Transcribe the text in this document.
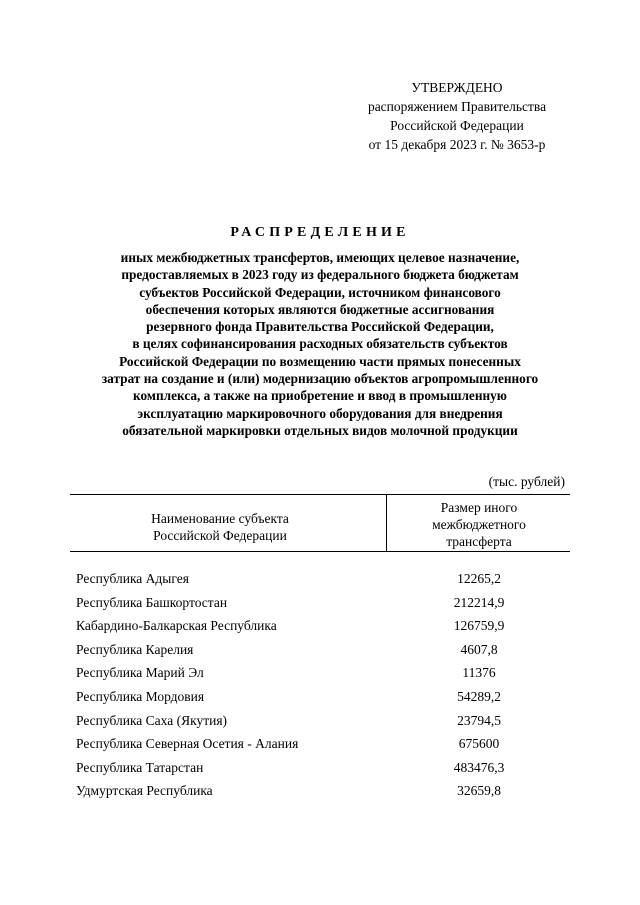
УТВЕРЖДЕНО
распоряжением Правительства
Российской Федерации
от 15 декабря 2023 г. № 3653-р
РАСПРЕДЕЛЕНИЕ
иных межбюджетных трансфертов, имеющих целевое назначение,
предоставляемых в 2023 году из федерального бюджета бюджетам
субъектов Российской Федерации, источником финансового
обеспечения которых являются бюджетные ассигнования
резервного фонда Правительства Российской Федерации,
в целях софинансирования расходных обязательств субъектов
Российской Федерации по возмещению части прямых понесенных
затрат на создание и (или) модернизацию объектов агропромышленного
комплекса, а также на приобретение и ввод в промышленную
эксплуатацию маркировочного оборудования для внедрения
обязательной маркировки отдельных видов молочной продукции
(тыс. рублей)
Наименование субъекта
Российской Федерации
Размер иного
межбюджетного
трансферта
Республика Адыгея	12265,2
Республика Башкортостан	212214,9
Кабардино-Балкарская Республика	126759,9
Республика Карелия	4607,8
Республика Марий Эл	11376
Республика Мордовия	54289,2
Республика Саха (Якутия)	23794,5
Республика Северная Осетия - Алания	675600
Республика Татарстан	483476,3
Удмуртская Республика	32659,8
